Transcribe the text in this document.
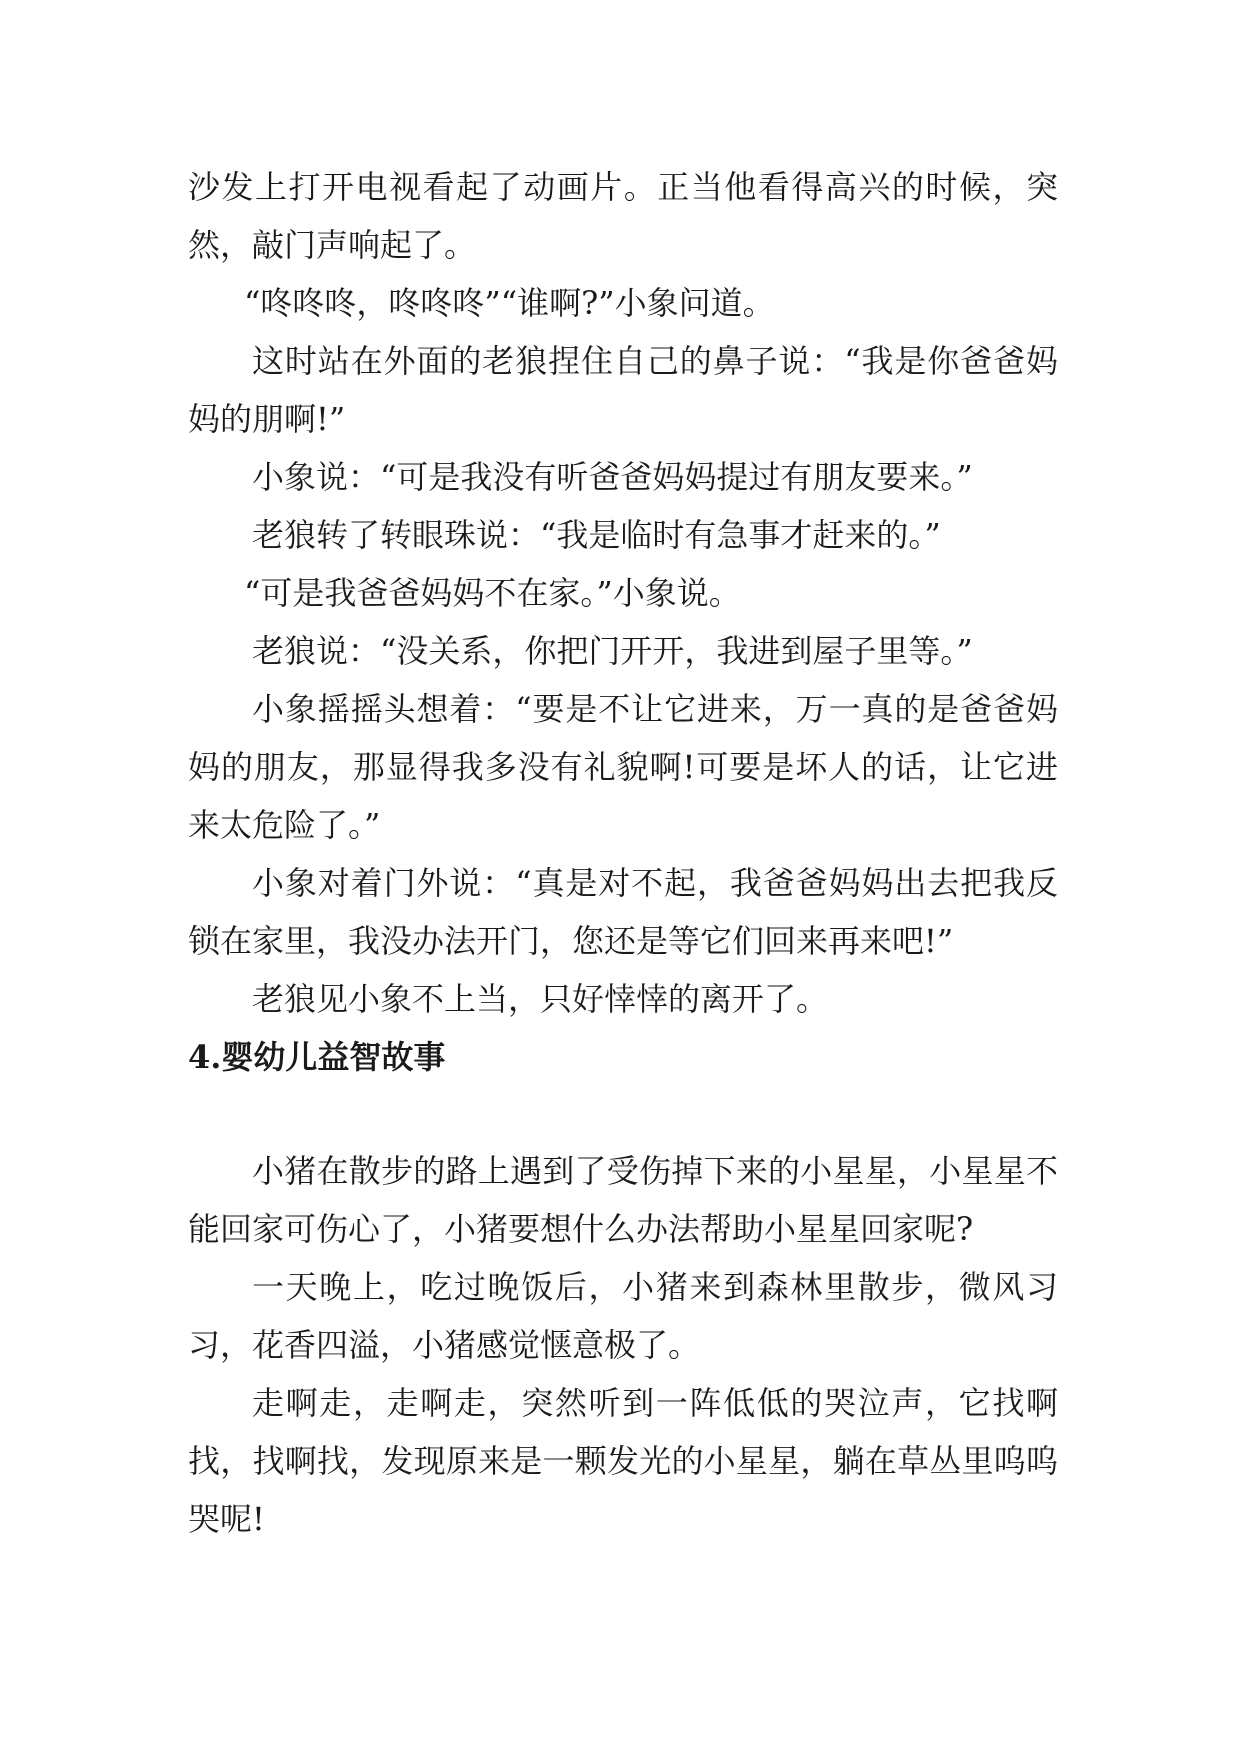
沙发上打开电视看起了动画片。正当他看得高兴的时候，突然，敲门声响起了。

“咚咚咚，咚咚咚”“谁啊?”小象问道。

这时站在外面的老狼捏住自己的鼻子说：“我是你爸爸妈妈的朋啊!”

小象说：“可是我没有听爸爸妈妈提过有朋友要来。”

老狼转了转眼珠说：“我是临时有急事才赶来的。”

“可是我爸爸妈妈不在家。”小象说。

老狼说：“没关系，你把门开开，我进到屋子里等。”

小象摇摇头想着：“要是不让它进来，万一真的是爸爸妈妈的朋友，那显得我多没有礼貌啊!可要是坏人的话，让它进来太危险了。”

小象对着门外说：“真是对不起，我爸爸妈妈出去把我反锁在家里，我没办法开门，您还是等它们回来再来吧!”

老狼见小象不上当，只好悻悻的离开了。

4.婴幼儿益智故事

小猪在散步的路上遇到了受伤掉下来的小星星，小星星不能回家可伤心了，小猪要想什么办法帮助小星星回家呢?

一天晚上，吃过晚饭后，小猪来到森林里散步，微风习习，花香四溢，小猪感觉惬意极了。

走啊走，走啊走，突然听到一阵低低的哭泣声，它找啊找，找啊找，发现原来是一颗发光的小星星，躺在草丛里呜呜哭呢!
